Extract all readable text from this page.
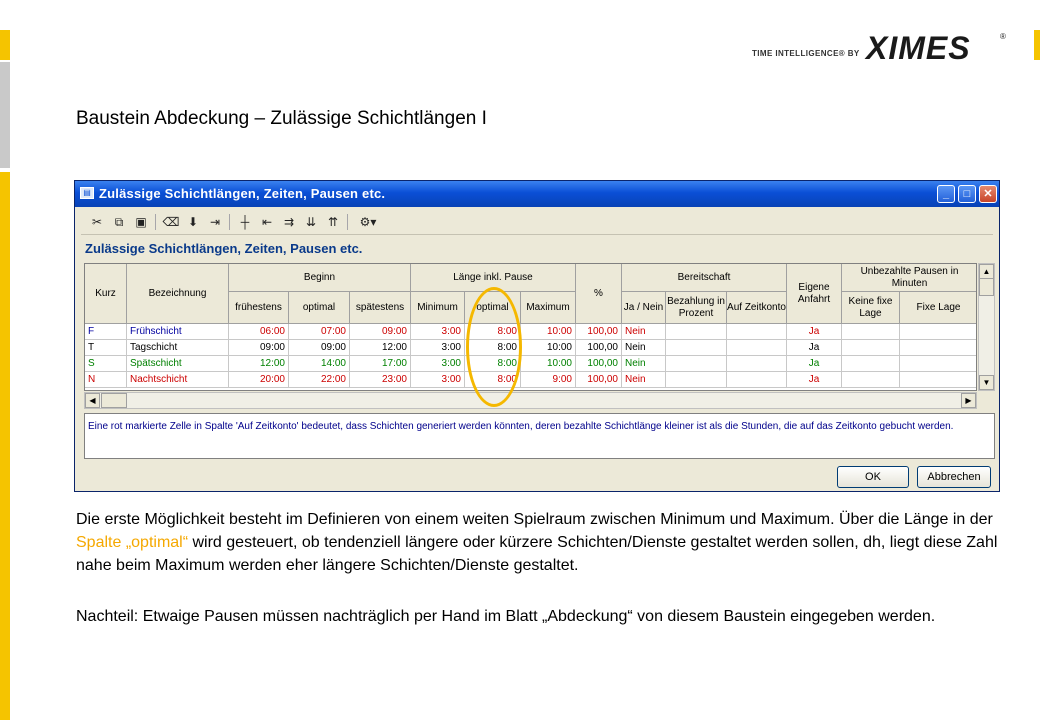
TIME INTELLIGENCE® BY XIMES	®
Baustein Abdeckung – Zulässige Schichtlängen I
▤ Zulässige Schichtlängen, Zeiten, Pausen etc.	_	□	✕
✂	⧉	▣	⌫ ⬇ ⇥	┼	⇤ ⇉ ⇊ ⇈	⚙▾
Zulässige Schichtlängen, Zeiten, Pausen etc.
Kurz	Bezeichnung
Beginn	Länge inkl. Pause
%
Bereitschaft
Eigene Anfahrt
Unbezahlte Pausen in Minuten
frühestens	optimal	spätestens	Minimum	optimal	Maximum	Ja / Nein
Bezahlung in Prozent
Auf Zeitkonto
Keine fixe Lage
Fixe Lage
F	Frühschicht	06:00	07:00	09:00	3:00	8:00	10:00	100,00 Nein	Ja
T	Tagschicht	09:00	09:00	12:00	3:00	8:00	10:00	100,00 Nein	Ja
S	Spätschicht	12:00	14:00	17:00	3:00	8:00	10:00	100,00 Nein	Ja
N	Nachtschicht	20:00	22:00	23:00	3:00	8:00	9:00	100,00 Nein	Ja
▲
▼
◀	▶
Eine rot markierte Zelle in Spalte 'Auf Zeitkonto' bedeutet, dass Schichten generiert werden könnten, deren bezahlte Schichtlänge kleiner ist als die Stunden, die auf das Zeitkonto gebucht werden.
OK	Abbrechen
Die erste Möglichkeit besteht im Definieren von einem weiten Spielraum zwischen Minimum und Maximum. Über die Länge in der Spalte „optimal“ wird gesteuert, ob tendenziell längere oder kürzere Schichten/Dienste gestaltet werden sollen, dh, liegt diese Zahl nahe beim Maximum werden eher längere Schichten/Dienste gestaltet.
Nachteil: Etwaige Pausen müssen nachträglich per Hand im Blatt „Abdeckung“ von diesem Baustein eingegeben werden.
